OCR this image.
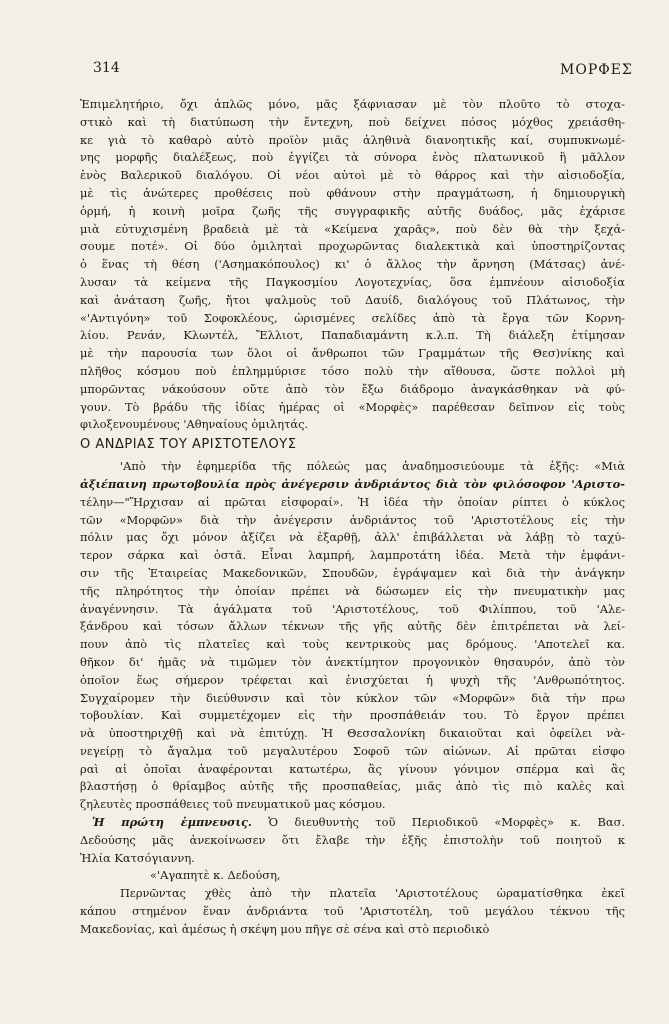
314	ΜΟΡΦΕΣ
Ἐπιμελητήριο, ὄχι ἁπλῶς μόνο, μᾶς ξάφνιασαν μὲ τὸν πλοῦτο τὸ στοχα-
στικὸ καὶ τὴ διατύπωση τὴν ἔντεχνη, ποὺ δείχνει πόσος μόχθος χρειάσθη-
κε γιὰ τὸ καθαρὸ αὐτὸ προϊὸν μιᾶς ἀληθινὰ διανοητικῆς καί, συμπυκνωμέ-
νης μορφῆς διαλέξεως, ποὺ ἐγγίζει τὰ σύνορα ἑνὸς πλατωνικοῦ ἢ μᾶλλον
ἑνὸς Βαλερικοῦ διαλόγου. Οἱ νέοι αὐτοὶ μὲ τὸ θάρρος καὶ τὴν αἰσιοδοξία,
μὲ τὶς ἀνώτερες προθέσεις ποὺ φθάνουν στὴν πραγμάτωση, ἡ δημιουργικὴ
ὁρμή, ἡ κοινὴ μοῖρα ζωῆς τῆς συγγραφικῆς αὐτῆς δυάδος, μᾶς ἐχάρισε
μιὰ εὐτυχισμένη βραδειὰ μὲ τὰ «Κείμενα χαρᾶς», ποὺ δὲν θὰ τὴν ξεχά-
σουμε ποτέ». Οἱ δύο ὁμιληταὶ προχωρῶντας διαλεκτικὰ καὶ ὑποστηρίζοντας
ὁ ἕνας τὴ θέση ('Ασημακόπουλος) κι' ὁ ἄλλος τὴν ἄρνηση (Μάτσας) ἀνέ-
λυσαν τὰ κείμενα τῆς Παγκοσμίου Λογοτεχνίας, ὅσα ἐμπνέουν αἰσιοδοξία
καὶ ἀνάταση ζωῆς, ἤτοι ψαλμοὺς τοῦ Δαυίδ, διαλόγους τοῦ Πλάτωνος, τὴν
«'Αντιγόνη» τοῦ Σοφοκλέους, ὡρισμένες σελίδες ἀπὸ τὰ ἔργα τῶν Κορνη-
λίου. Ρενάν, Κλωντέλ, Ἔλλιοτ, Παπαδιαμάντη κ.λ.π. Τὴ διάλεξη ἐτίμησαν
μὲ τὴν παρουσία των ὅλοι οἱ ἄνθρωποι τῶν Γραμμάτων τῆς Θεσ)νίκης καὶ
πλῆθος κόσμου ποὺ ἐπλημμύρισε τόσο πολὺ τὴν αἴθουσα, ὥστε πολλοὶ μὴ
μπορῶντας νάκούσουν οὔτε ἀπὸ τὸν ἔξω διάδρομο ἀναγκάσθηκαν νὰ φύ-
γουν. Τὸ βράδυ τῆς ἰδίας ἡμέρας οἱ «Μορφὲς» παρέθεσαν δεῖπνον εἰς τοὺς
φιλοξενουμένους 'Αθηναίους ὁμιλητάς.
Ο ΑΝΔΡΙΑΣ ΤΟΥ ΑΡΙΣΤΟΤΕΛΟΥΣ
'Απὸ τὴν ἐφημερίδα τῆς πόλεώς μας ἀναδημοσιεύουμε τὰ ἑξῆς: «Μιὰ
ἀξιέπαινη πρωτοβουλία πρὸς ἀνέγερσιν ἀνδριάντος διὰ τὸν φιλόσοφον 'Αριστο-
τέλην—"Ἤρχισαν αἱ πρῶται εἰσφοραί». Ἡ ἰδέα τὴν ὁποίαν ρίπτει ὁ κύκλος
τῶν «Μορφῶν» διὰ τὴν ἀνέγερσιν ἀνδριάντος τοῦ 'Αριστοτέλους εἰς τὴν
πόλιν μας ὄχι μόνον ἀξίζει νὰ ἐξαρθῇ, ἀλλ' ἐπιβάλλεται νὰ λάβῃ τὸ ταχύ-
τερον σάρκα καὶ ὀστᾶ. Εἶναι λαμπρή, λαμπροτάτη ἰδέα. Μετὰ τὴν ἐμφάνι-
σιν τῆς Ἑταιρείας Μακεδονικῶν, Σπουδῶν, ἐγράψαμεν καὶ διὰ τὴν ἀνάγκην
τῆς πληρότητος τὴν ὁποίαν πρέπει νὰ δώσωμεν εἰς τὴν πνευματικὴν μας
ἀναγέννησιν. Τὰ ἀγάλματα τοῦ 'Αριστοτέλους, τοῦ Φιλίππου, τοῦ 'Αλε-
ξάνδρου καὶ τόσων ἄλλων τέκνων τῆς γῆς αὐτῆς δὲν ἐπιτρέπεται νὰ λεί-
πουν ἀπὸ τὶς πλατεῖες καὶ τοὺς κεντρικοὺς μας δρόμους. 'Αποτελεῖ κα.
θῆκον δι' ἡμᾶς νὰ τιμῶμεν τὸν ἀνεκτίμητον προγονικὸν θησαυρόν, ἀπὸ τὸν
ὁποῖον ἕως σήμερον τρέφεται καὶ ἐνισχύεται ἡ ψυχὴ τῆς 'Ανθρωπότητος.
Συγχαίρομεν τὴν διεύθυνσιν καὶ τὸν κύκλον τῶν «Μορφῶν» διὰ τὴν πρω
τοβουλίαν. Καὶ συμμετέχομεν εἰς τὴν προσπάθειάν του. Τὸ ἔργον πρέπει
νὰ ὑποστηριχθῇ καὶ νὰ ἐπιτύχῃ. Ἡ Θεσσαλονίκη δικαιοῦται καὶ ὀφείλει νὰ-
νεγείρῃ τὸ ἄγαλμα τοῦ μεγαλυτέρου Σοφοῦ τῶν αἰώνων. Αἱ πρῶται εἰσφο
ραὶ αἱ ὁποῖαι ἀναφέρονται κατωτέρω, ἂς γίνουν γόνιμον σπέρμα καὶ ἂς
βλαστήσῃ ὁ θρίαμβος αὐτῆς τῆς προσπαθείας, μιᾶς ἀπὸ τὶς πιὸ καλὲς καὶ
ζηλευτὲς προσπάθειες τοῦ πνευματικοῦ μας κόσμου.
Ἡ πρώτη ἐμπνευσις. Ὁ διευθυντὴς τοῦ Περιοδικοῦ «Μορφὲς» κ. Βασ.
Δεδούσης μᾶς ἀνεκοίνωσεν ὅτι ἔλαβε τὴν ἑξῆς ἐπιστολὴν τοῦ ποιητοῦ κ
Ἠλία Κατσόγιαννη.
«'Αγαπητὲ κ. Δεδούση,
Περνῶντας χθὲς ἀπὸ τὴν πλατεῖα 'Αριστοτέλους ὡραματίσθηκα ἐκεῖ
κάπου στημένον ἕναν ἀνδριάντα τοῦ 'Αριστοτέλη, τοῦ μεγάλου τέκνου τῆς
Μακεδονίας, καὶ ἀμέσως ἡ σκέψη μου πῆγε σὲ σένα καὶ στὸ περιοδικὸ
